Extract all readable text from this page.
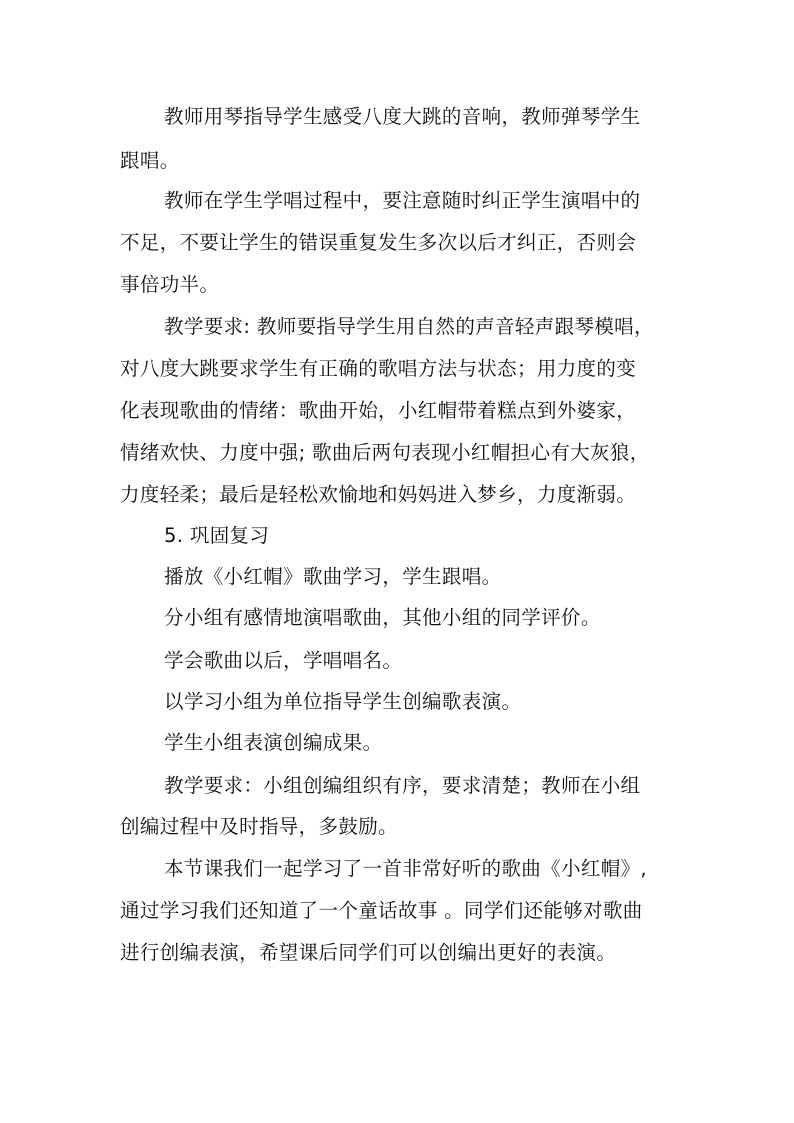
教师用琴指导学生感受八度大跳的音响，教师弹琴学生
跟唱。
教师在学生学唱过程中，要注意随时纠正学生演唱中的
不足，不要让学生的错误重复发生多次以后才纠正，否则会
事倍功半。
教学要求: 教师要指导学生用自然的声音轻声跟琴模唱，
对八度大跳要求学生有正确的歌唱方法与状态；用力度的变
化表现歌曲的情绪：歌曲开始，小红帽带着糕点到外婆家，
情绪欢快、力度中强; 歌曲后两句表现小红帽担心有大灰狼，
力度轻柔；最后是轻松欢愉地和妈妈进入梦乡，力度渐弱。
5. 巩固复习
播放《小红帽》歌曲学习，学生跟唱。
分小组有感情地演唱歌曲，其他小组的同学评价。
学会歌曲以后，学唱唱名。
以学习小组为单位指导学生创编歌表演。
学生小组表演创编成果。
教学要求：小组创编组织有序，要求清楚；教师在小组
创编过程中及时指导，多鼓励。
本节课我们一起学习了一首非常好听的歌曲《小红帽》,
通过学习我们还知道了一个童话故事 。同学们还能够对歌曲
进行创编表演，希望课后同学们可以创编出更好的表演。
